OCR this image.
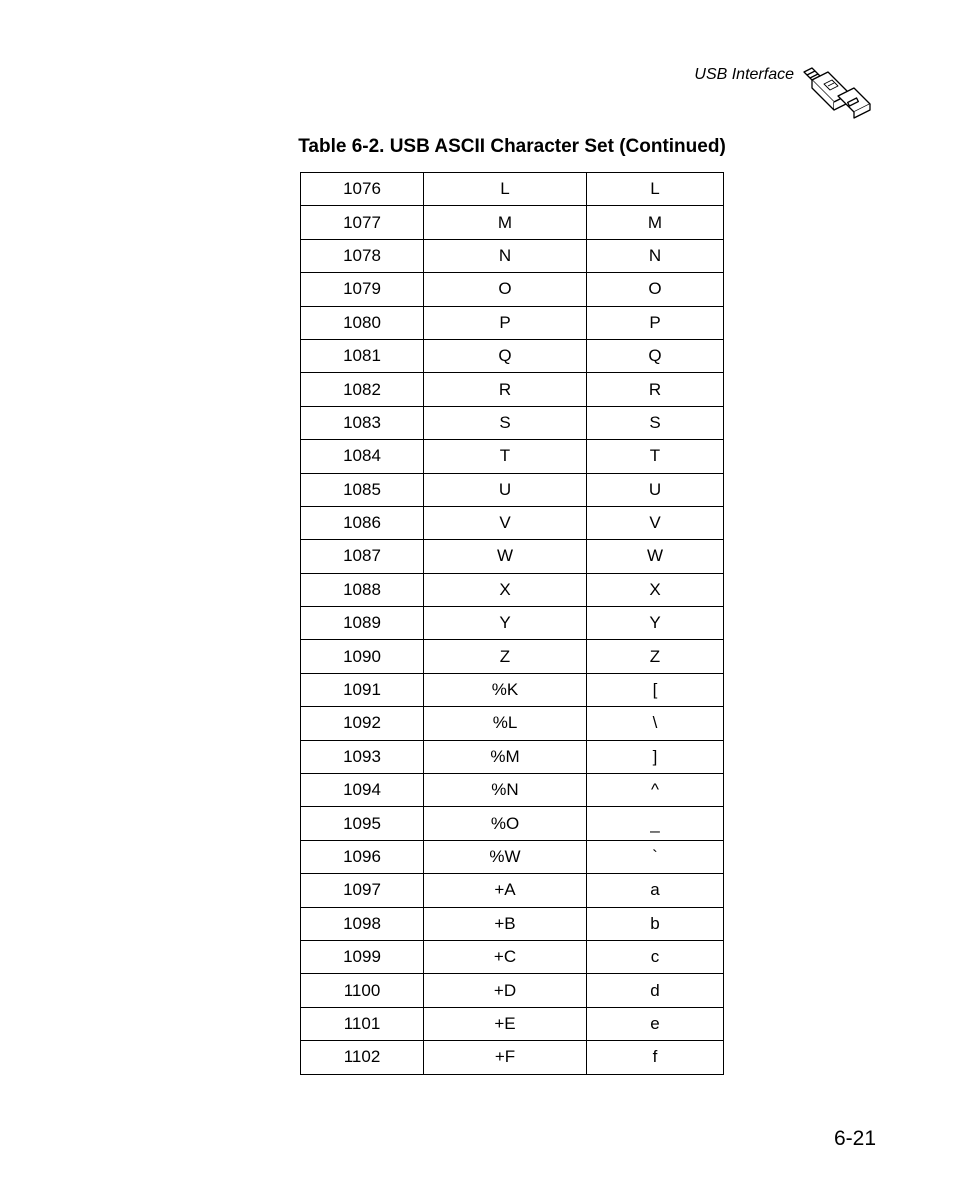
USB Interface
Table 6-2. USB ASCII Character Set (Continued)
1076	L	L
1077	M	M
1078	N	N
1079	O	O
1080	P	P
1081	Q	Q
1082	R	R
1083	S	S
1084	T	T
1085	U	U
1086	V	V
1087	W	W
1088	X	X
1089	Y	Y
1090	Z	Z
1091	%K	[
1092	%L	\
1093	%M	]
1094	%N	^
1095	%O	_
1096	%W	`
1097	+A	a
1098	+B	b
1099	+C	c
1100	+D	d
1101	+E	e
1102	+F	f
6-21
